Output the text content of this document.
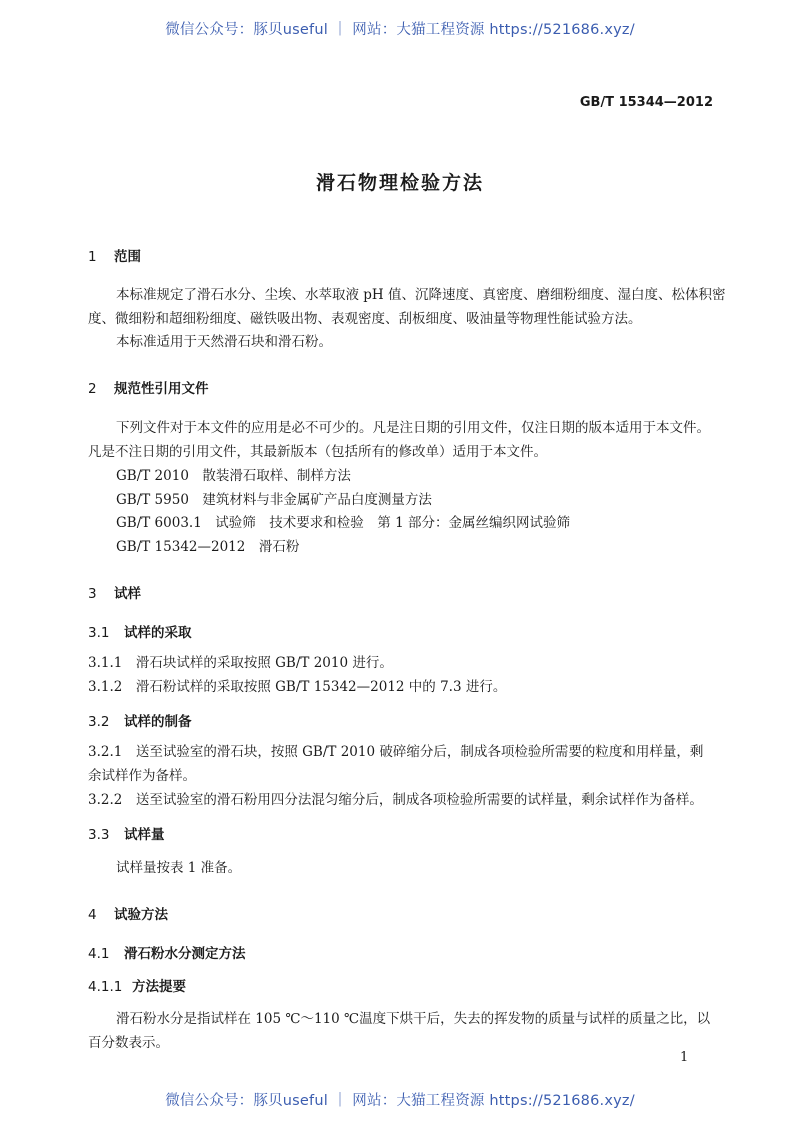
微信公众号：豚贝useful ｜ 网站：大猫工程资源 https://521686.xyz/
GB/T 15344—2012
滑石物理检验方法
1 范围
本标准规定了滑石水分、尘埃、水萃取液 pH 值、沉降速度、真密度、磨细粉细度、湿白度、松体积密
度、微细粉和超细粉细度、磁铁吸出物、表观密度、刮板细度、吸油量等物理性能试验方法。
本标准适用于天然滑石块和滑石粉。
2 规范性引用文件
下列文件对于本文件的应用是必不可少的。凡是注日期的引用文件，仅注日期的版本适用于本文件。
凡是不注日期的引用文件，其最新版本（包括所有的修改单）适用于本文件。
GB/T 2010　散装滑石取样、制样方法
GB/T 5950　建筑材料与非金属矿产品白度测量方法
GB/T 6003.1　试验筛　技术要求和检验　第 1 部分：金属丝编织网试验筛
GB/T 15342—2012　滑石粉
3 试样
3.1 试样的采取
3.1.1　滑石块试样的采取按照 GB/T 2010 进行。
3.1.2　滑石粉试样的采取按照 GB/T 15342—2012 中的 7.3 进行。
3.2 试样的制备
3.2.1　送至试验室的滑石块，按照 GB/T 2010 破碎缩分后，制成各项检验所需要的粒度和用样量，剩
余试样作为备样。
3.2.2　送至试验室的滑石粉用四分法混匀缩分后，制成各项检验所需要的试样量，剩余试样作为备样。
3.3 试样量
试样量按表 1 准备。
4 试验方法
4.1 滑石粉水分测定方法
4.1.1 方法提要
滑石粉水分是指试样在 105 ℃～110 ℃温度下烘干后，失去的挥发物的质量与试样的质量之比，以
百分数表示。
1
微信公众号：豚贝useful ｜ 网站：大猫工程资源 https://521686.xyz/
